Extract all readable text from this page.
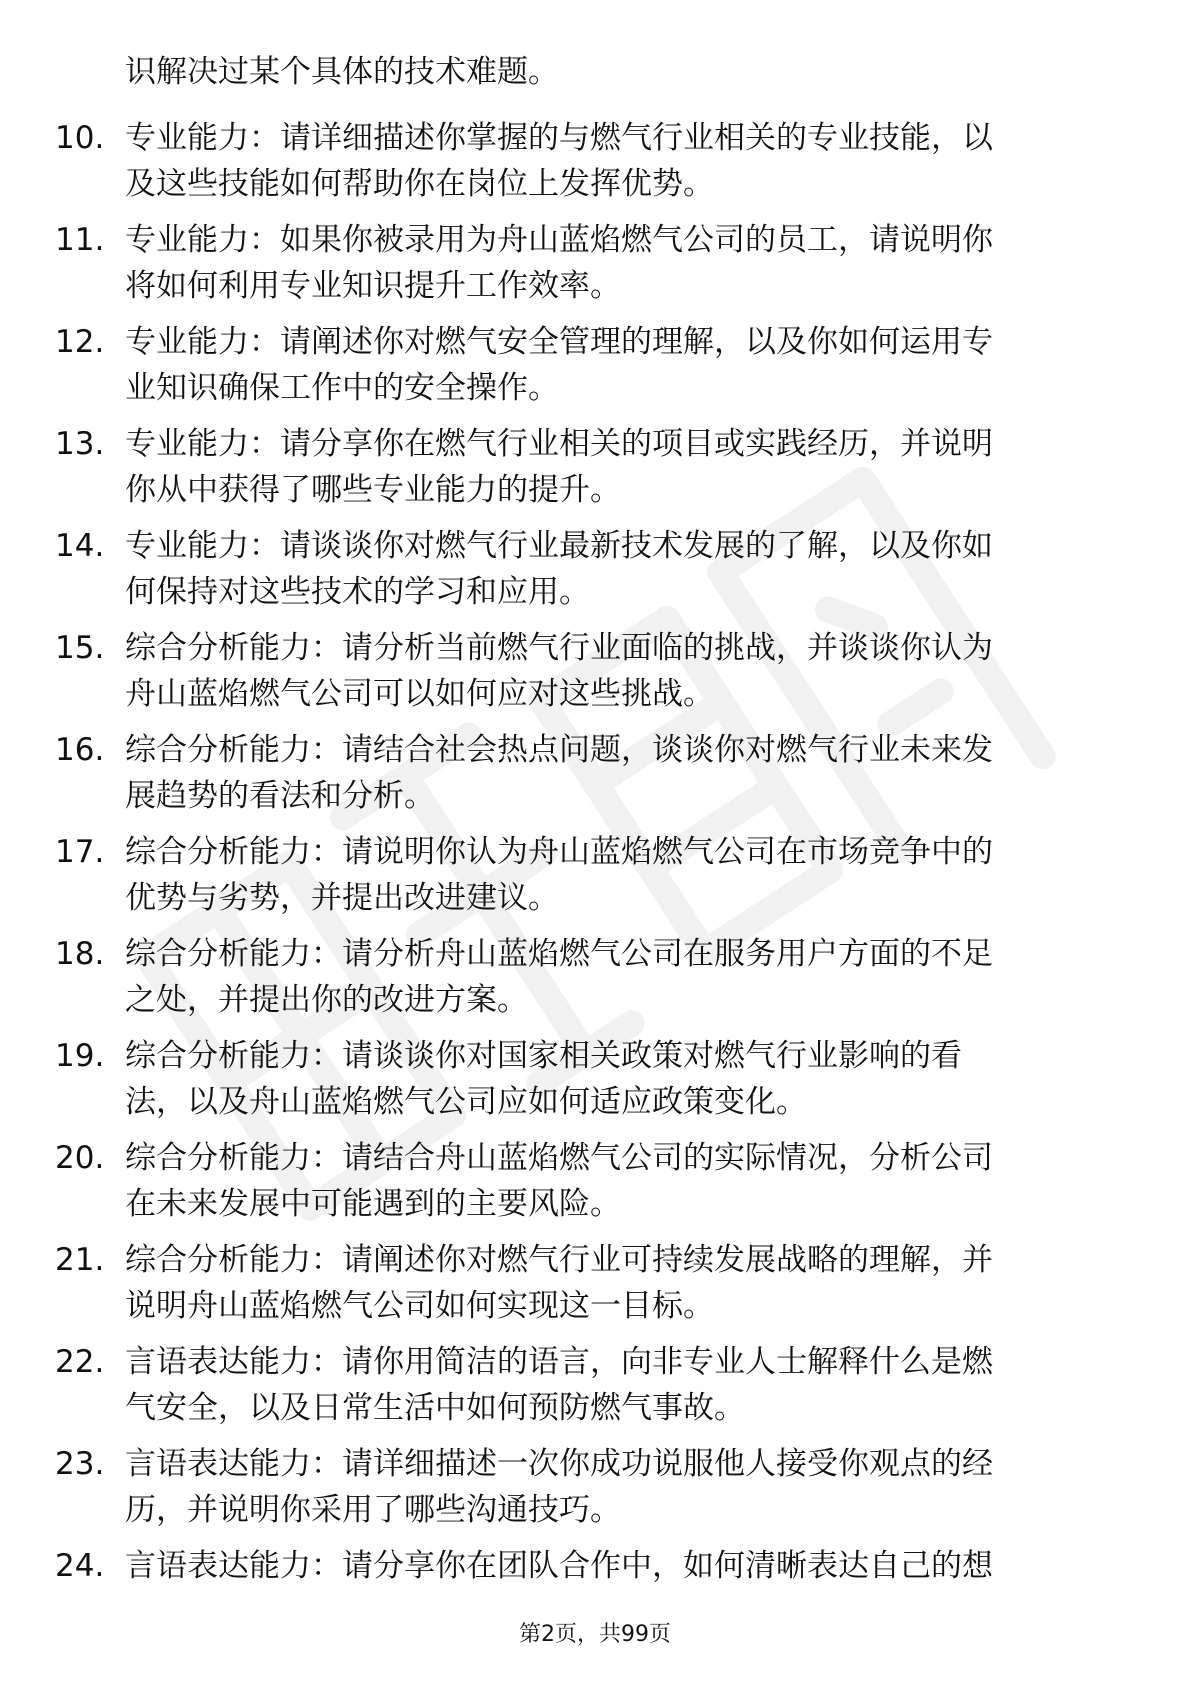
识解决过某个具体的技术难题。
10. 专业能力：请详细描述你掌握的与燃气行业相关的专业技能，以
及这些技能如何帮助你在岗位上发挥优势。
11. 专业能力：如果你被录用为舟山蓝焰燃气公司的员工，请说明你
将如何利用专业知识提升工作效率。
12. 专业能力：请阐述你对燃气安全管理的理解，以及你如何运用专
业知识确保工作中的安全操作。
13. 专业能力：请分享你在燃气行业相关的项目或实践经历，并说明
你从中获得了哪些专业能力的提升。
14. 专业能力：请谈谈你对燃气行业最新技术发展的了解，以及你如
何保持对这些技术的学习和应用。
15. 综合分析能力：请分析当前燃气行业面临的挑战，并谈谈你认为
舟山蓝焰燃气公司可以如何应对这些挑战。
16. 综合分析能力：请结合社会热点问题，谈谈你对燃气行业未来发
展趋势的看法和分析。
17. 综合分析能力：请说明你认为舟山蓝焰燃气公司在市场竞争中的
优势与劣势，并提出改进建议。
18. 综合分析能力：请分析舟山蓝焰燃气公司在服务用户方面的不足
之处，并提出你的改进方案。
19. 综合分析能力：请谈谈你对国家相关政策对燃气行业影响的看
法，以及舟山蓝焰燃气公司应如何适应政策变化。
20. 综合分析能力：请结合舟山蓝焰燃气公司的实际情况，分析公司
在未来发展中可能遇到的主要风险。
21. 综合分析能力：请阐述你对燃气行业可持续发展战略的理解，并
说明舟山蓝焰燃气公司如何实现这一目标。
22. 言语表达能力：请你用简洁的语言，向非专业人士解释什么是燃
气安全，以及日常生活中如何预防燃气事故。
23. 言语表达能力：请详细描述一次你成功说服他人接受你观点的经
历，并说明你采用了哪些沟通技巧。
24. 言语表达能力：请分享你在团队合作中，如何清晰表达自己的想
第2页，共99页
